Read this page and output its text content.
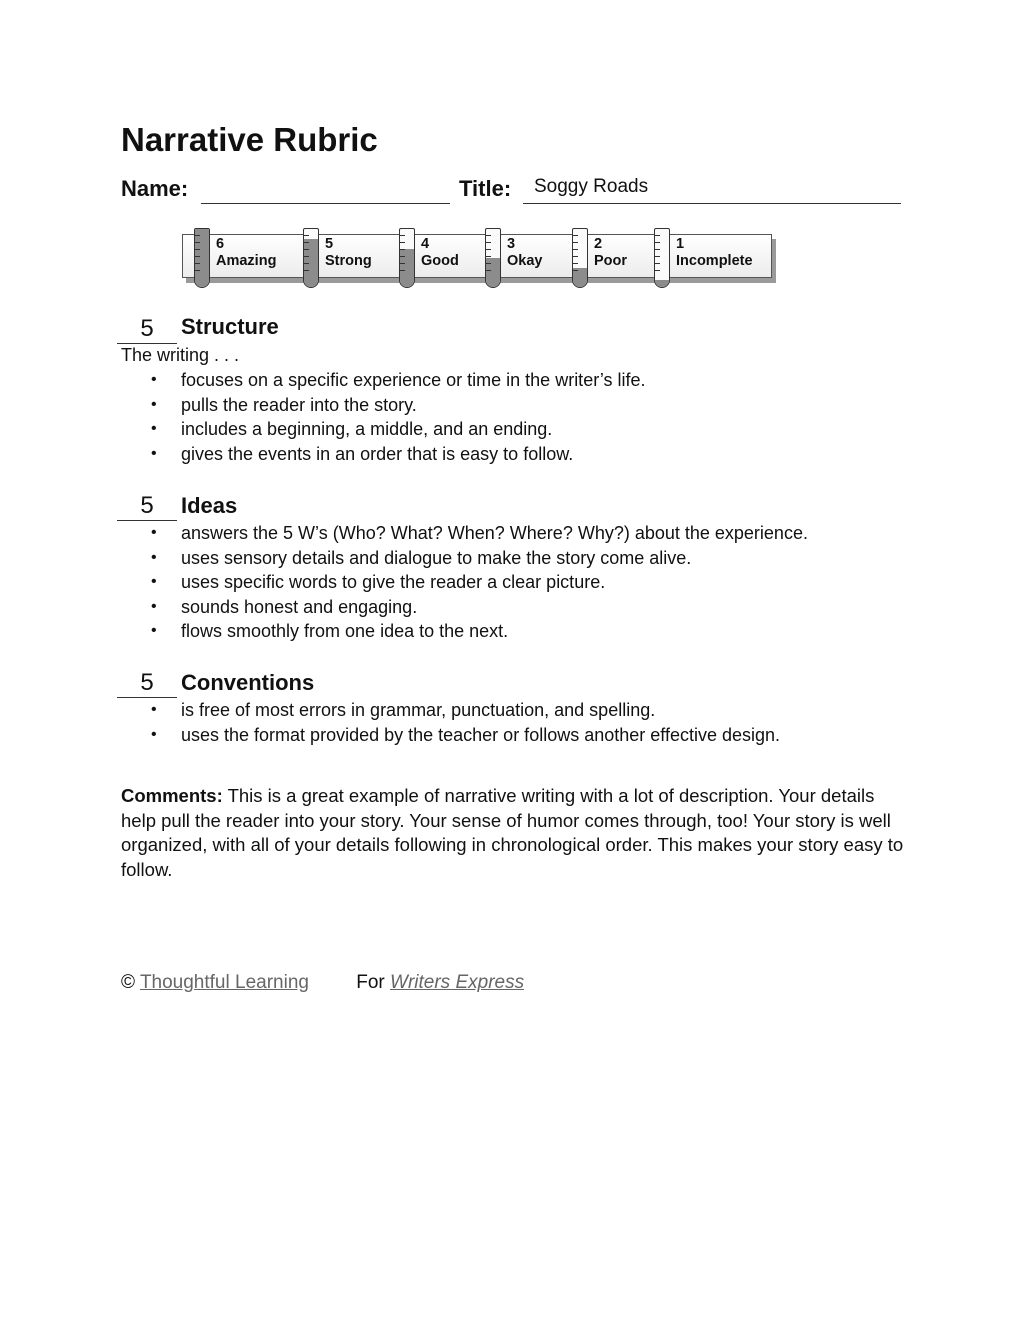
Narrative Rubric
Name:	Title: Soggy Roads
6
Amazing
5
Strong
4
Good
3
Okay
2
Poor
1
Incomplete
5	Structure
The writing . . .
• focuses on a specific experience or time in the writer’s life.
• pulls the reader into the story.
• includes a beginning, a middle, and an ending.
• gives the events in an order that is easy to follow.
5	Ideas
• answers the 5 W’s (Who? What? When? Where? Why?) about the experience.
• uses sensory details and dialogue to make the story come alive.
• uses specific words to give the reader a clear picture.
• sounds honest and engaging.
• flows smoothly from one idea to the next.
5	Conventions
• is free of most errors in grammar, punctuation, and spelling.
• uses the format provided by the teacher or follows another effective design.

Comments: This is a great example of narrative writing with a lot of description. Your details help pull the reader into your story. Your sense of humor comes through, too! Your story is well organized, with all of your details following in chronological order. This makes your story easy to follow.

© Thoughtful Learning For Writers Express
